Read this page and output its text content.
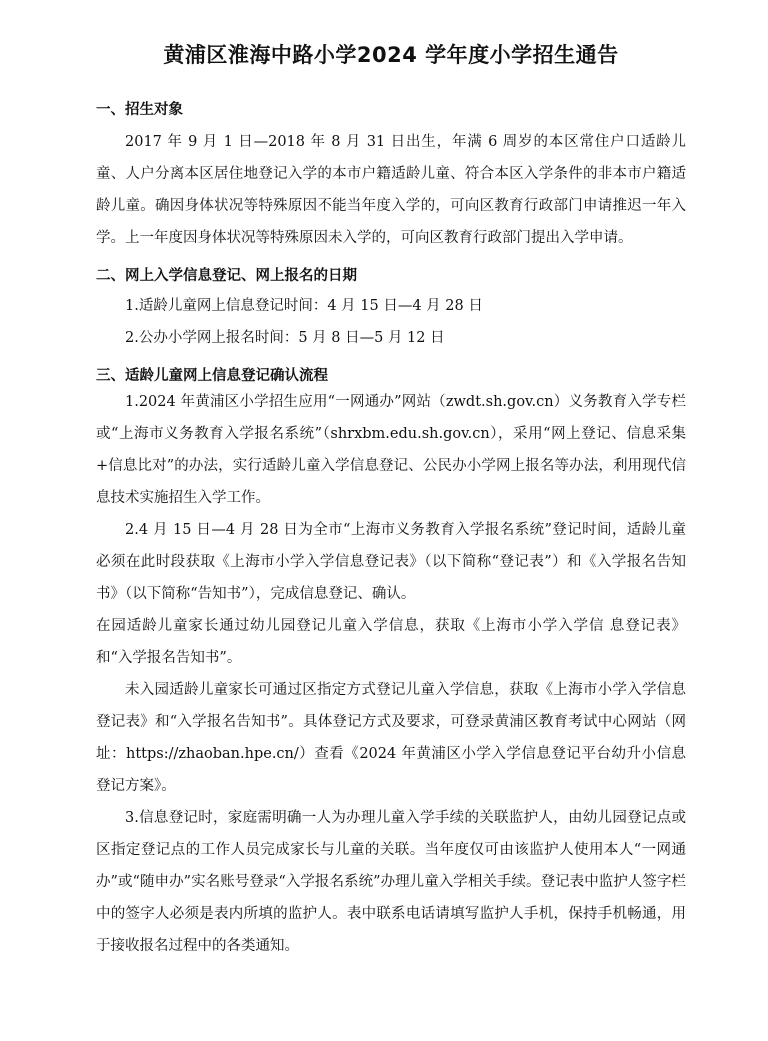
黄浦区淮海中路小学2024 学年度小学招生通告
一、招生对象

2017 年 9 月 1 日—2018 年 8 月 31 日出生，年满 6 周岁的本区常住户口适龄儿童、人户分离本区居住地登记入学的本市户籍适龄儿童、符合本区入学条件的非本市户籍适龄儿童。确因身体状况等特殊原因不能当年度入学的，可向区教育行政部门申请推迟一年入学。上一年度因身体状况等特殊原因未入学的，可向区教育行政部门提出入学申请。

二、网上入学信息登记、网上报名的日期

1.适龄儿童网上信息登记时间：4 月 15 日—4 月 28 日

2.公办小学网上报名时间：5 月 8 日—5 月 12 日

三、适龄儿童网上信息登记确认流程

1.2024 年黄浦区小学招生应用“一网通办”网站（zwdt.sh.gov.cn）义务教育入学专栏或“上海市义务教育入学报名系统”（shrxbm.edu.sh.gov.cn），采用“网上登记、信息采集+信息比对”的办法，实行适龄儿童入学信息登记、公民办小学网上报名等办法，利用现代信息技术实施招生入学工作。

2.4 月 15 日—4 月 28 日为全市“上海市义务教育入学报名系统”登记时间，适龄儿童必须在此时段获取《上海市小学入学信息登记表》（以下简称“登记表”）和《入学报名告知书》（以下简称“告知书”），完成信息登记、确认。

在园适龄儿童家长通过幼儿园登记儿童入学信息，获取《上海市小学入学信 息登记表》和“入学报名告知书”。

未入园适龄儿童家长可通过区指定方式登记儿童入学信息，获取《上海市小学入学信息登记表》和“入学报名告知书”。具体登记方式及要求，可登录黄浦区教育考试中心网站（网址：https://zhaoban.hpe.cn/）查看《2024 年黄浦区小学入学信息登记平台幼升小信息登记方案》。

3.信息登记时，家庭需明确一人为办理儿童入学手续的关联监护人，由幼儿园登记点或区指定登记点的工作人员完成家长与儿童的关联。当年度仅可由该监护人使用本人“一网通办”或“随申办”实名账号登录“入学报名系统”办理儿童入学相关手续。登记表中监护人签字栏中的签字人必须是表内所填的监护人。表中联系电话请填写监护人手机，保持手机畅通，用于接收报名过程中的各类通知。
